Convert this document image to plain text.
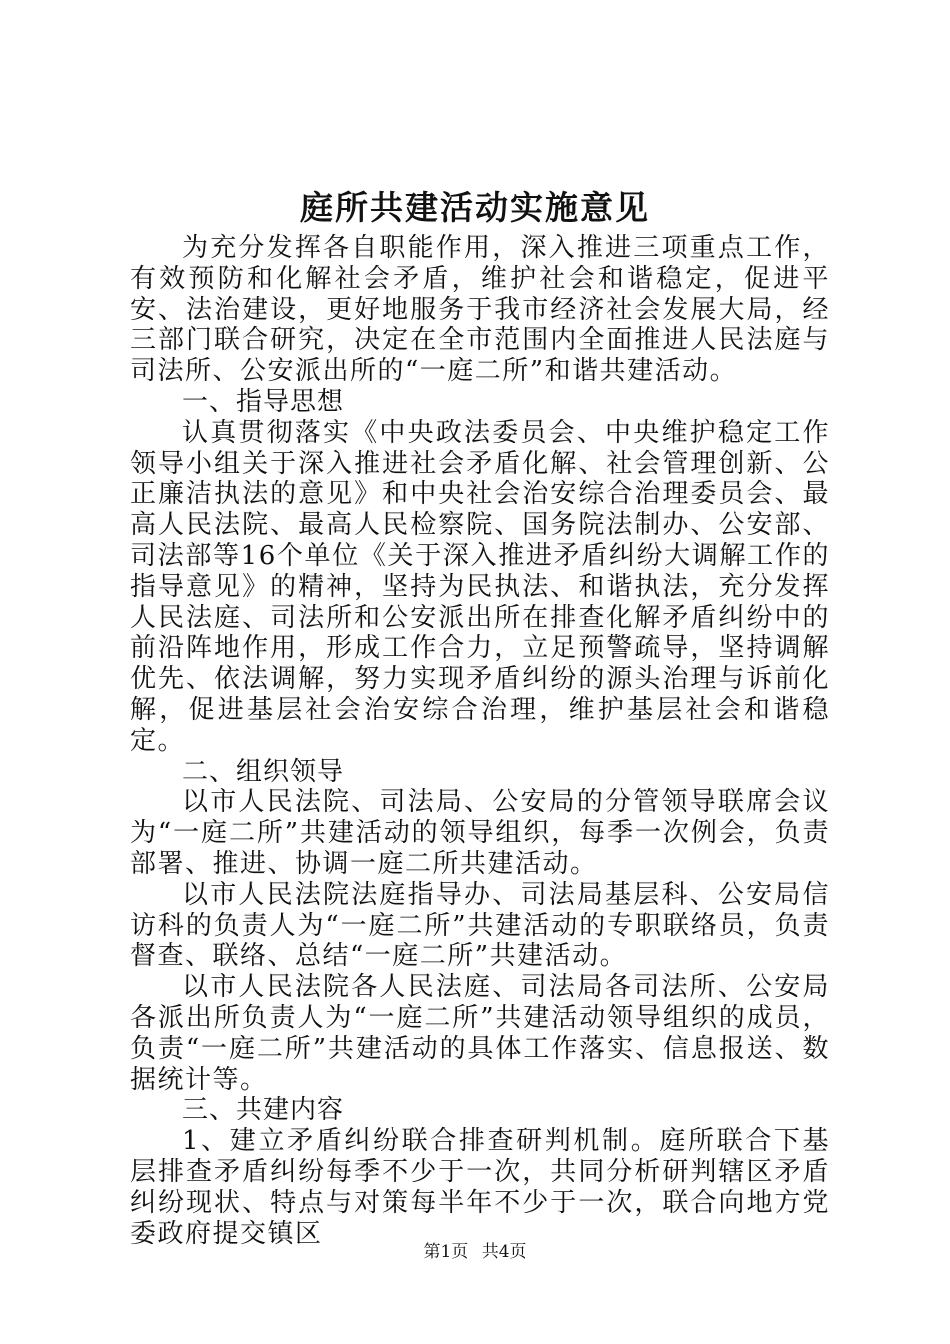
庭所共建活动实施意见

为充分发挥各自职能作用，深入推进三项重点工作，有效预防和化解社会矛盾，维护社会和谐稳定，促进平安、法治建设，更好地服务于我市经济社会发展大局，经三部门联合研究，决定在全市范围内全面推进人民法庭与司法所、公安派出所的“一庭二所”和谐共建活动。

一、指导思想

认真贯彻落实《中央政法委员会、中央维护稳定工作领导小组关于深入推进社会矛盾化解、社会管理创新、公正廉洁执法的意见》和中央社会治安综合治理委员会、最高人民法院、最高人民检察院、国务院法制办、公安部、司法部等16个单位《关于深入推进矛盾纠纷大调解工作的指导意见》的精神，坚持为民执法、和谐执法，充分发挥人民法庭、司法所和公安派出所在排查化解矛盾纠纷中的前沿阵地作用，形成工作合力，立足预警疏导，坚持调解优先、依法调解，努力实现矛盾纠纷的源头治理与诉前化解，促进基层社会治安综合治理，维护基层社会和谐稳定。

二、组织领导

以市人民法院、司法局、公安局的分管领导联席会议为“一庭二所”共建活动的领导组织，每季一次例会，负责部署、推进、协调一庭二所共建活动。

以市人民法院法庭指导办、司法局基层科、公安局信访科的负责人为“一庭二所”共建活动的专职联络员，负责督查、联络、总结“一庭二所”共建活动。

以市人民法院各人民法庭、司法局各司法所、公安局各派出所负责人为“一庭二所”共建活动领导组织的成员，负责“一庭二所”共建活动的具体工作落实、信息报送、数据统计等。

三、共建内容

1、建立矛盾纠纷联合排查研判机制。庭所联合下基层排查矛盾纠纷每季不少于一次，共同分析研判辖区矛盾纠纷现状、特点与对策每半年不少于一次，联合向地方党委政府提交镇区

第1页 共4页
